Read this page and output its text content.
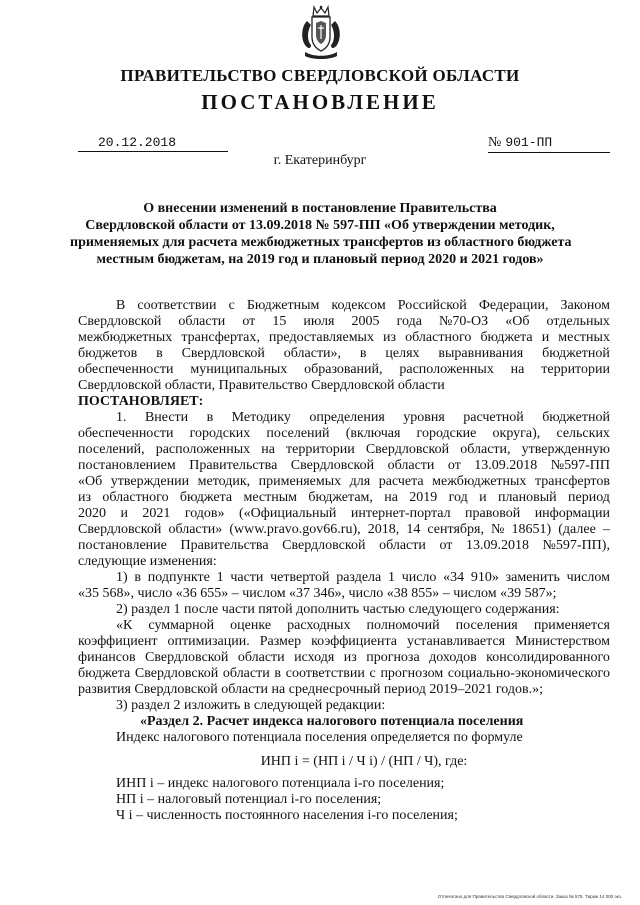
ПРАВИТЕЛЬСТВО СВЕРДЛОВСКОЙ ОБЛАСТИ
ПОСТАНОВЛЕНИЕ
20.12.2018	№ 901-ПП
г. Екатеринбург
О внесении изменений в постановление Правительства
Свердловской области от 13.09.2018 № 597-ПП «Об утверждении методик,
применяемых для расчета межбюджетных трансфертов из областного бюджета
местным бюджетам, на 2019 год и плановый период 2020 и 2021 годов»
В соответствии с Бюджетным кодексом Российской Федерации, Законом
Свердловской области от 15 июля 2005 года №70-ОЗ «Об отдельных
межбюджетных трансфертах, предоставляемых из областного бюджета и местных
бюджетов в Свердловской области», в целях выравнивания бюджетной
обеспеченности муниципальных образований, расположенных на территории
Свердловской области, Правительство Свердловской области
ПОСТАНОВЛЯЕТ:
1. Внести в Методику определения уровня расчетной бюджетной
обеспеченности городских поселений (включая городские округа), сельских
поселений, расположенных на территории Свердловской области, утвержденную
постановлением Правительства Свердловской области от 13.09.2018 №597-ПП
«Об утверждении методик, применяемых для расчета межбюджетных трансфертов
из областного бюджета местным бюджетам, на 2019 год и плановый период
2020 и 2021 годов» («Официальный интернет-портал правовой информации
Свердловской области» (www.pravo.gov66.ru), 2018, 14 сентября, № 18651) (далее –
постановление Правительства Свердловской области от 13.09.2018 №597-ПП),
следующие изменения:
1) в подпункте 1 части четвертой раздела 1 число «34 910» заменить числом
«35 568», число «36 655» – числом «37 346», число «38 855» – числом «39 587»;
2) раздел 1 после части пятой дополнить частью следующего содержания:
«К суммарной оценке расходных полномочий поселения применяется
коэффициент оптимизации. Размер коэффициента устанавливается Министерством
финансов Свердловской области исходя из прогноза доходов консолидированного
бюджета Свердловской области в соответствии с прогнозом социально-экономического
развития Свердловской области на среднесрочный период 2019–2021 годов.»;
3) раздел 2 изложить в следующей редакции:
«Раздел 2. Расчет индекса налогового потенциала поселения
Индекс налогового потенциала поселения определяется по формуле
ИНП i = (НП i / Ч i) / (НП / Ч), где:
ИНП i – индекс налогового потенциала i-го поселения;
НП i – налоговый потенциал i-го поселения;
Ч i – численность постоянного населения i-го поселения;
Отпечатано для Правительства Свердловской области. Заказ № 575. Тираж 14 000 экз.
